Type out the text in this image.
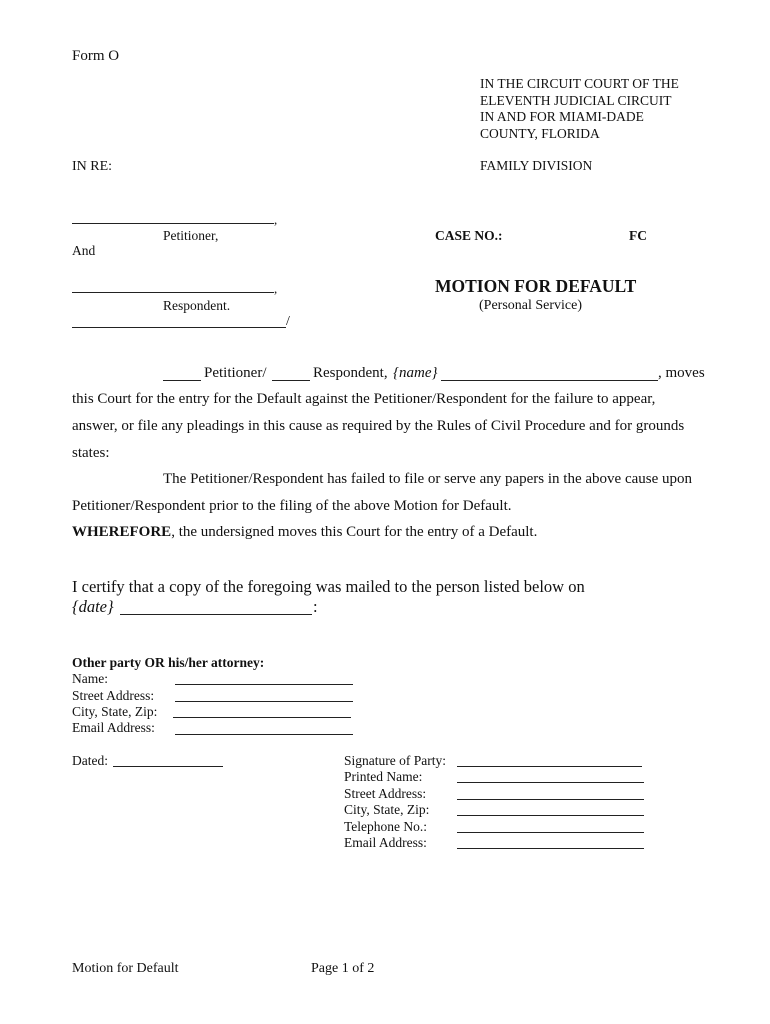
Form O
IN THE CIRCUIT COURT OF THE
ELEVENTH JUDICIAL CIRCUIT
IN AND FOR MIAMI-DADE
COUNTY, FLORIDA
FAMILY DIVISION
IN RE:
,
Petitioner,
And
,
Respondent.
/
CASE NO.:	FC
MOTION FOR DEFAULT
(Personal Service)
Petitioner/	Respondent, {name}	, moves
this Court for the entry for the Default against the Petitioner/Respondent for the failure to appear,
answer, or file any pleadings in this cause as required by the Rules of Civil Procedure and for grounds
states:
The Petitioner/Respondent has failed to file or serve any papers in the above cause upon
Petitioner/Respondent prior to the filing of the above Motion for Default.
WHEREFORE, the undersigned moves this Court for the entry of a Default.
I certify that a copy of the foregoing was mailed to the person listed below on
{date}	:
Other party OR his/her attorney:
Name:
Street Address:
City, State, Zip:
Email Address:
Dated:	Signature of Party:
Printed Name:
Street Address:
City, State, Zip:
Telephone No.:
Email Address:
Motion for Default	Page 1 of 2
